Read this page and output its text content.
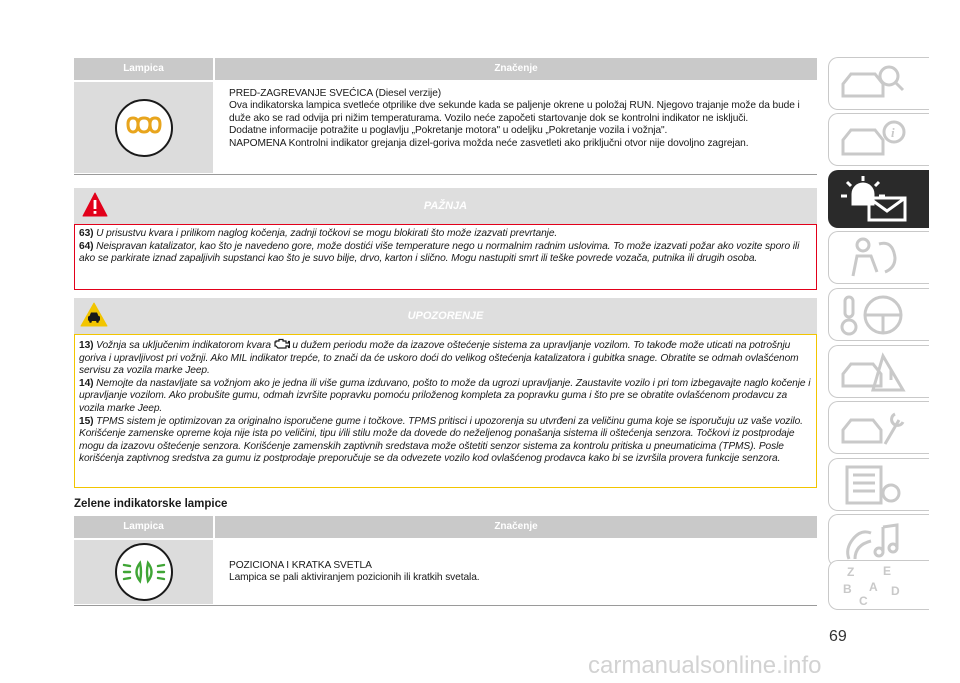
Lampica	Značenje

PRED-ZAGREVANJE SVEĆICA (Diesel verzije)

Ova indikatorska lampica svetleće otprilike dve sekunde kada se paljenje okrene u položaj RUN. Njegovo trajanje može da bude i duže ako se rad odvija pri nižim temperaturama. Vozilo neće započeti startovanje dok se kontrolni indikator ne isključi.

Dodatne informacije potražite u poglavlju „Pokretanje motora" u odeljku „Pokretanje vozila i vožnja".

NAPOMENA Kontrolni indikator grejanja dizel-goriva možda neće zasvetleti ako priključni otvor nije dovoljno zagrejan.

PAŽNJA
63) U prisustvu kvara i prilikom naglog kočenja, zadnji točkovi se mogu blokirati što može izazvati prevrtanje.
64) Neispravan katalizator, kao što je navedeno gore, može dostići više temperature nego u normalnim radnim uslovima. To može izazvati požar ako vozite sporo ili ako se parkirate iznad zapaljivih supstanci kao što je suvo bilje, drvo, karton i slično. Mogu nastupiti smrt ili teške povrede vozača, putnika ili drugih osoba.
UPOZORENJE
13) Vožnja sa uključenim indikatorom kvara u dužem periodu može da izazove oštećenje sistema za upravljanje vozilom. To takođe može uticati na potrošnju goriva i upravljivost pri vožnji. Ako MIL indikator trepće, to znači da će uskoro doći do velikog oštećenja katalizatora i gubitka snage. Obratite se odmah ovlašćenom servisu za vozila marke Jeep.
14) Nemojte da nastavljate sa vožnjom ako je jedna ili više guma izduvano, pošto to može da ugrozi upravljanje. Zaustavite vozilo i pri tom izbegavajte naglo kočenje i upravljanje vozilom. Ako probušite gumu, odmah izvršite popravku pomoću priloženog kompleta za popravku guma i što pre se obratite ovlašćenom prodavcu za vozila marke Jeep.
15) TPMS sistem je optimizovan za originalno isporučene gume i točkove. TPMS pritisci i upozorenja su utvrđeni za veličinu guma koje se isporučuju uz vaše vozilo. Korišćenje zamenske opreme koja nije ista po veličini, tipu i/ili stilu može da dovede do neželjenog ponašanja sistema ili oštećenja senzora. Točkovi iz postprodaje mogu da izazovu oštećenje senzora. Korišćenje zamenskih zaptivnih sredstava može oštetiti senzor sistema za kontrolu pritiska u pneumaticima (TPMS). Posle korišćenja zaptivnog sredstva za gumu iz postprodaje preporučuje se da odvezete vozilo kod ovlašćenog prodavca kako bi se izvršila provera funkcije senzora.
Zelene indikatorske lampice
Lampica	Značenje

POZICIONA I KRATKA SVETLA

Lampica se pali aktiviranjem pozicionih ili kratkih svetala.

i
Z E
B A D
C
69
carmanualsonline.info
